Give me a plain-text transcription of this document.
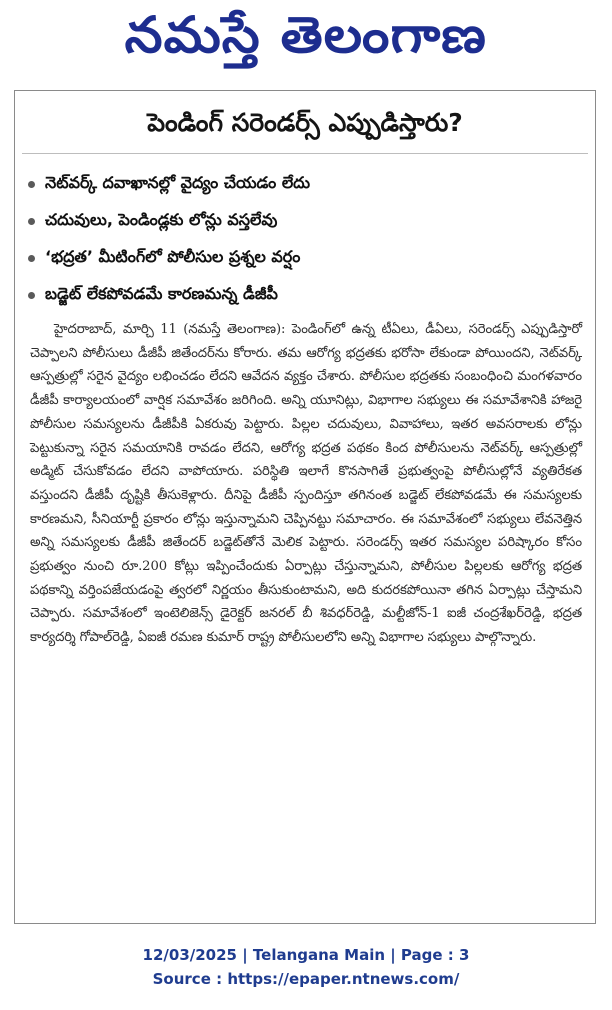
నమస్తే తెలంగాణ
పెండింగ్ సరెండర్స్ ఎప్పుడిస్తారు?
నెట్‌వర్క్ దవాఖానల్లో వైద్యం చేయడం లేదు
చదువులు, పెండిండ్లకు లోన్లు వస్తలేవు
‘భద్రత’ మీటింగ్‌లో పోలీసుల ప్రశ్నల వర్షం
బడ్జెట్ లేకపోవడమే కారణమన్న డీజీపీ

హైదరాబాద్, మార్చి 11 (నమస్తే తెలంగాణ): పెండింగ్‌లో ఉన్న టీఏలు, డీఏలు, సరెండర్స్ ఎప్పుడిస్తారో చెప్పాలని పోలీసులు డీజీపీ జితేందర్‌ను కోరారు. తమ ఆరోగ్య భద్రతకు భరోసా లేకుండా పోయిందని, నెట్‌వర్క్ ఆస్పత్రుల్లో సరైన వైద్యం లభించడం లేదని ఆవేదన వ్యక్తం చేశారు. పోలీసుల భద్రతకు సంబంధించి మంగళవారం డీజీపీ కార్యాలయంలో వార్షిక సమావేశం జరిగింది. అన్ని యూనిట్లు, విభాగాల సభ్యులు ఈ సమావేశానికి హాజరై పోలీసుల సమస్యలను డీజీపీకి ఏకరువు పెట్టారు. పిల్లల చదువులు, వివాహాలు, ఇతర అవసరాలకు లోన్లు పెట్టుకున్నా సరైన సమయానికి రావడం లేదని, ఆరోగ్య భద్రత పథకం కింద పోలీసులను నెట్‌వర్క్ ఆస్పత్రుల్లో అడ్మిట్ చేసుకోవడం లేదని వాపోయారు. పరిస్థితి ఇలాగే కొనసాగితే ప్రభుత్వంపై పోలీసుల్లోనే వ్యతిరేకత వస్తుందని డీజీపీ దృష్టికి తీసుకెళ్లారు. దీనిపై డీజీపీ స్పందిస్తూ తగినంత బడ్జెట్ లేకపోవడమే ఈ సమస్యలకు కారణమని, సీనియార్టీ ప్రకారం లోన్లు ఇస్తున్నామని చెప్పినట్టు సమాచారం. ఈ సమావేశంలో సభ్యులు లేవనెత్తిన అన్ని సమస్యలకు డీజీపీ జితేందర్ బడ్జెట్‌తోనే మెలిక పెట్టారు. సరెండర్స్ ఇతర సమస్యల పరిష్కారం కోసం ప్రభుత్వం నుంచి రూ.200 కోట్లు ఇప్పించేందుకు ఏర్పాట్లు చేస్తున్నామని, పోలీసుల పిల్లలకు ఆరోగ్య భద్రత పథకాన్ని వర్తింపజేయడంపై త్వరలో నిర్ణయం తీసుకుంటామని, అది కుదరకపోయినా తగిన ఏర్పాట్లు చేస్తామని చెప్పారు. సమావేశంలో ఇంటెలిజెన్స్ డైరెక్టర్ జనరల్ బీ శివధర్‌రెడ్డి, మల్టీజోన్-1 ఐజీ చంద్రశేఖర్‌రెడ్డి, భద్రత కార్యదర్శి గోపాల్‌రెడ్డి, ఏఐజీ రమణ కుమార్ రాష్ట్ర పోలీసులలోని అన్ని విభాగాల సభ్యులు పాల్గొన్నారు.

12/03/2025 | Telangana Main | Page : 3
Source : https://epaper.ntnews.com/
